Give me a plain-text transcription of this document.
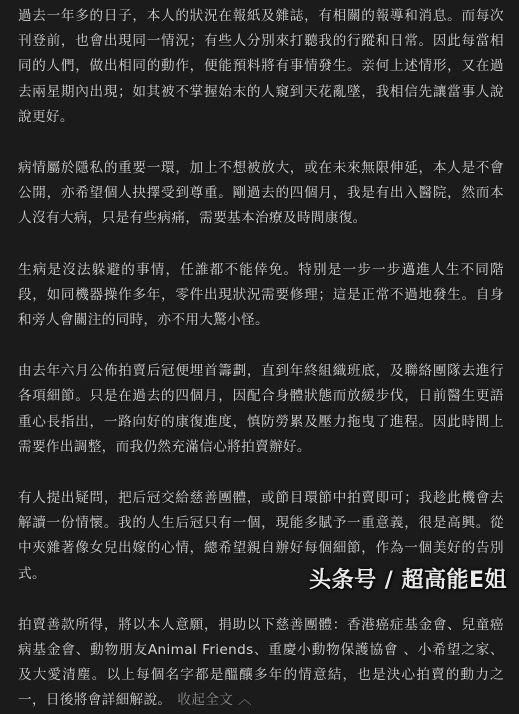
過去一年多的日子，本人的狀況在報紙及雜誌，有相關的報導和消息。而每次刊登前，也會出現同一情況；有些人分別來打聽我的行蹤和日常。因此每當相同的人們，做出相同的動作，便能預料將有事情發生。亲何上述情形，又在過去兩星期內出現；如其被不掌握始末的人窺到天花亂墜，我相信先讓當事人說說更好。

病情屬於隱私的重要一環，加上不想被放大，或在未來無限伸延，本人是不會公開，亦希望個人抉擇受到尊重。剛過去的四個月，我是有出入醫院，然而本人沒有大病，只是有些病痛，需要基本治療及時間康復。

生病是沒法躲避的事情，任誰都不能倖免。特別是一步一步邁進人生不同階段，如同機器操作多年，零件出現狀況需要修理；這是正常不過地發生。自身和旁人會關注的同時，亦不用大驚小怪。

由去年六月公佈拍賣后冠便埋首籌劃，直到年終組織班底，及聯絡團隊去進行各項細節。只是在過去的四個月，因配合身體狀態而放緩步伐，日前醫生更語重心長指出，一路向好的康復進度，慎防勞累及壓力拖曳了進程。因此時間上需要作出調整，而我仍然充滿信心將拍賣辦好。

有人提出疑問，把后冠交給慈善團體，或節目環節中拍賣即可；我趁此機會去解讀一份情懷。我的人生后冠只有一個，現能多賦予一重意義，很是高興。從中夾雜著像女兒出嫁的心情，總希望親自辦好每個細節，作為一個美好的告別式。

拍賣善款所得，將以本人意願，捐助以下慈善團體：香港癌症基金會、兒童癌病基金會、動物朋友Animal Friends、重慶小動物保護協會 、小希望之家、及大愛清塵。以上每個名字都是醞釀多年的情意結，也是決心拍賣的動力之一，日後將會詳細解說。 收起全文 ︿

头条号 / 超高能E姐
